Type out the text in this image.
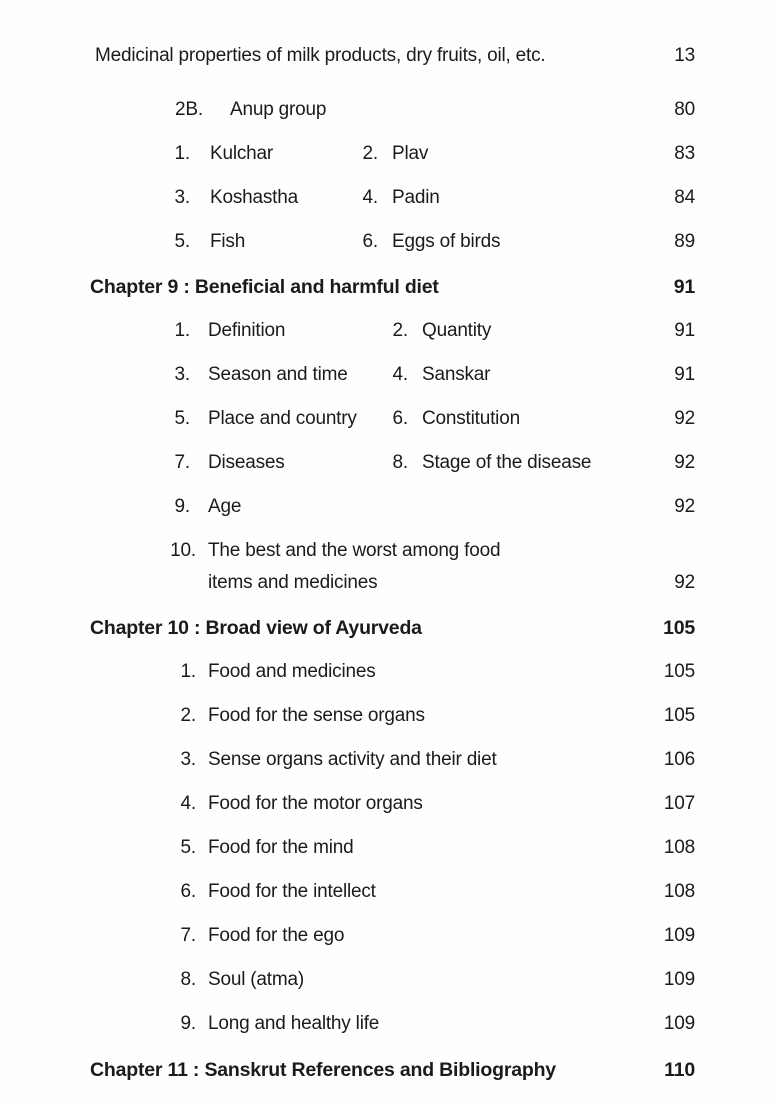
Medicinal properties of milk products, dry fruits, oil, etc.	13
2B. Anup group	80
1. Kulchar	2. Plav	83
3. Koshastha	4. Padin	84
5. Fish	6. Eggs of birds	89
Chapter 9 : Beneficial and harmful diet	91
1. Definition	2. Quantity	91
3. Season and time	4. Sanskar	91
5. Place and country	6. Constitution	92
7. Diseases	8. Stage of the disease	92
9. Age	92
10. The best and the worst among food
items and medicines	92
Chapter 10 : Broad view of Ayurveda	105
1. Food and medicines	105
2. Food for the sense organs	105
3. Sense organs activity and their diet	106
4. Food for the motor organs	107
5. Food for the mind	108
6. Food for the intellect	108
7. Food for the ego	109
8. Soul (atma)	109
9. Long and healthy life	109
Chapter 11 : Sanskrut References and Bibliography	110
